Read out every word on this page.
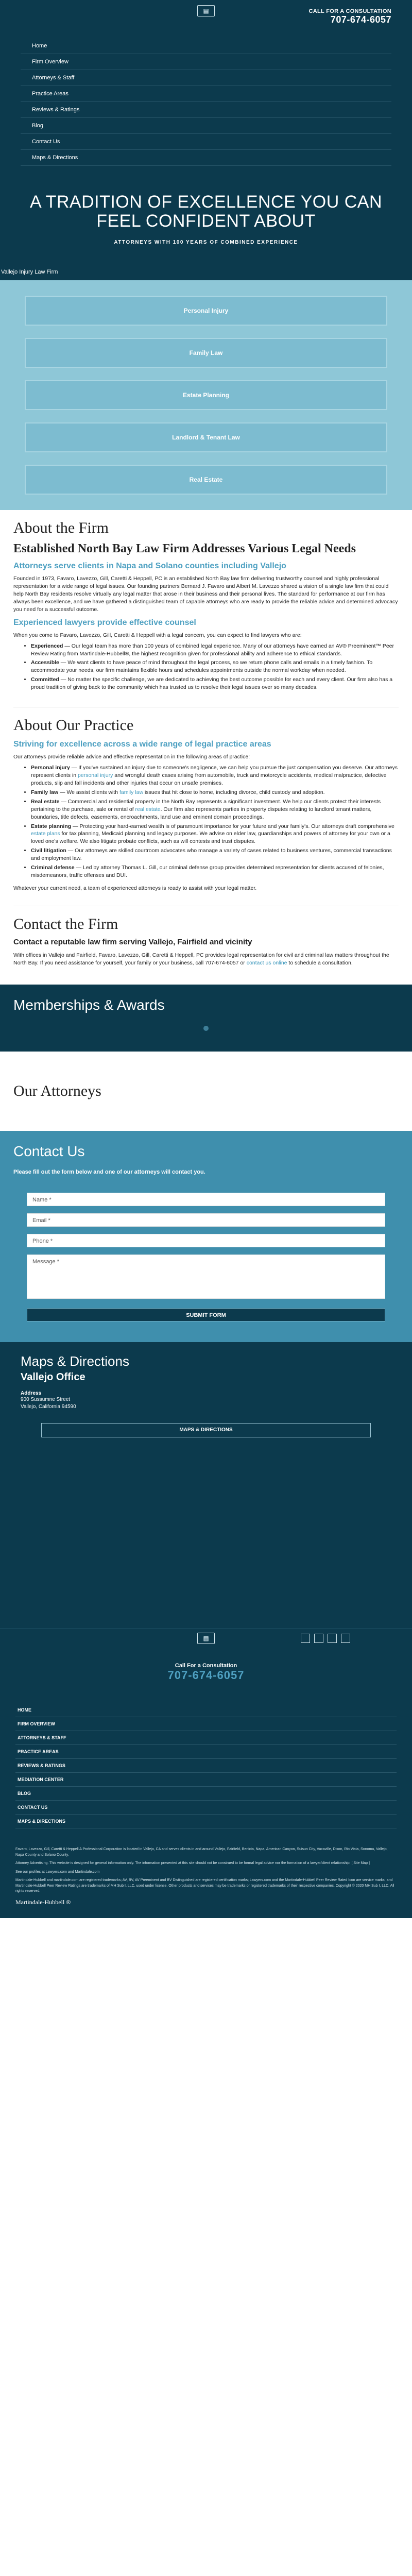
▦	CALL FOR A CONSULTATION
707-674-6057
Home
Firm Overview
Attorneys & Staff
Practice Areas
Reviews & Ratings
Blog
Contact Us
Maps & Directions
A TRADITION OF EXCELLENCE YOU CAN FEEL CONFIDENT ABOUT
ATTORNEYS WITH 100 YEARS OF COMBINED EXPERIENCE
Vallejo Injury Law Firm
Personal Injury
Family Law
Estate Planning
Landlord & Tenant Law
Real Estate
About the Firm
Established North Bay Law Firm Addresses Various Legal Needs
Attorneys serve clients in Napa and Solano counties including Vallejo

Founded in 1973, Favaro, Lavezzo, Gill, Caretti & Heppell, PC is an established North Bay law firm delivering trustworthy counsel and highly professional representation for a wide range of legal issues. Our founding partners Bernard J. Favaro and Albert M. Lavezzo shared a vision of a single law firm that could help North Bay residents resolve virtually any legal matter that arose in their business and their personal lives. The standard for performance at our firm has always been excellence, and we have gathered a distinguished team of capable attorneys who are ready to provide the reliable advice and determined advocacy you need for a successful outcome.

Experienced lawyers provide effective counsel

When you come to Favaro, Lavezzo, Gill, Caretti & Heppell with a legal concern, you can expect to find lawyers who are:

• Experienced — Our legal team has more than 100 years of combined legal experience. Many of our attorneys have earned an AV® Preeminent™ Peer Review Rating from Martindale-Hubbell®, the highest recognition given for professional ability and adherence to ethical standards.
• Accessible — We want clients to have peace of mind throughout the legal process, so we return phone calls and emails in a timely fashion. To accommodate your needs, our firm maintains flexible hours and schedules appointments outside the normal workday when needed.
• Committed — No matter the specific challenge, we are dedicated to achieving the best outcome possible for each and every client. Our firm also has a proud tradition of giving back to the community which has trusted us to resolve their legal issues over so many decades.
About Our Practice
Striving for excellence across a wide range of legal practice areas

Our attorneys provide reliable advice and effective representation in the following areas of practice:

• Personal injury — If you've sustained an injury due to someone's negligence, we can help you pursue the just compensation you deserve. Our attorneys represent clients in personal injury and wrongful death cases arising from automobile, truck and motorcycle accidents, medical malpractice, defective products, slip and fall incidents and other injuries that occur on unsafe premises.
• Family law — We assist clients with family law issues that hit close to home, including divorce, child custody and adoption.
• Real estate — Commercial and residential property in the North Bay represents a significant investment. We help our clients protect their interests pertaining to the purchase, sale or rental of real estate. Our firm also represents parties in property disputes relating to landlord tenant matters, boundaries, title defects, easements, encroachments, land use and eminent domain proceedings.
• Estate planning — Protecting your hard-earned wealth is of paramount importance for your future and your family's. Our attorneys draft comprehensive estate plans for tax planning, Medicaid planning and legacy purposes. We advise on elder law, guardianships and powers of attorney for your own or a loved one's welfare. We also litigate probate conflicts, such as will contests and trust disputes.
• Civil litigation — Our attorneys are skilled courtroom advocates who manage a variety of cases related to business ventures, commercial transactions and employment law.
• Criminal defense — Led by attorney Thomas L. Gill, our criminal defense group provides determined representation for clients accused of felonies, misdemeanors, traffic offenses and DUI.

Whatever your current need, a team of experienced attorneys is ready to assist with your legal matter.

Contact the Firm
Contact a reputable law firm serving Vallejo, Fairfield and vicinity

With offices in Vallejo and Fairfield, Favaro, Lavezzo, Gill, Caretti & Heppell, PC provides legal representation for civil and criminal law matters throughout the North Bay. If you need assistance for yourself, your family or your business, call 707-674-6057 or contact us online to schedule a consultation.

Memberships & Awards
Our Attorneys
Contact Us
Please fill out the form below and one of our attorneys will contact you.
Name *
Email *
Phone *
Message *
SUBMIT FORM
Maps & Directions
Vallejo Office
Address
900 Sussumne Street
Vallejo, California 94590
MAPS & DIRECTIONS
▦
Call For a Consultation
707-674-6057
HOME
FIRM OVERVIEW
ATTORNEYS & STAFF
PRACTICE AREAS
REVIEWS & RATINGS
MEDIATION CENTER
BLOG
CONTACT US
MAPS & DIRECTIONS

Favaro, Lavezzo, Gill, Caretti & Heppell A Professional Corporation is located in Vallejo, CA and serves clients in and around Vallejo, Fairfield, Benicia, Napa, American Canyon, Suisun City, Vacaville, Dixon, Rio Vista, Sonoma, Vallejo, Napa County and Solano County.

Attorney Advertising. This website is designed for general information only. The information presented at this site should not be construed to be formal legal advice nor the formation of a lawyer/client relationship. [ Site Map ]

See our profiles at Lawyers.com and Martindale.com

Martindale-Hubbell and martindale.com are registered trademarks; AV, BV, AV Preeminent and BV Distinguished are registered certification marks; Lawyers.com and the Martindale-Hubbell Peer Review Rated Icon are service marks; and Martindale-Hubbell Peer Review Ratings are trademarks of MH Sub I, LLC, used under license. Other products and services may be trademarks or registered trademarks of their respective companies. Copyright © 2020 MH Sub I, LLC. All rights reserved.

Martindale-Hubbell ®
